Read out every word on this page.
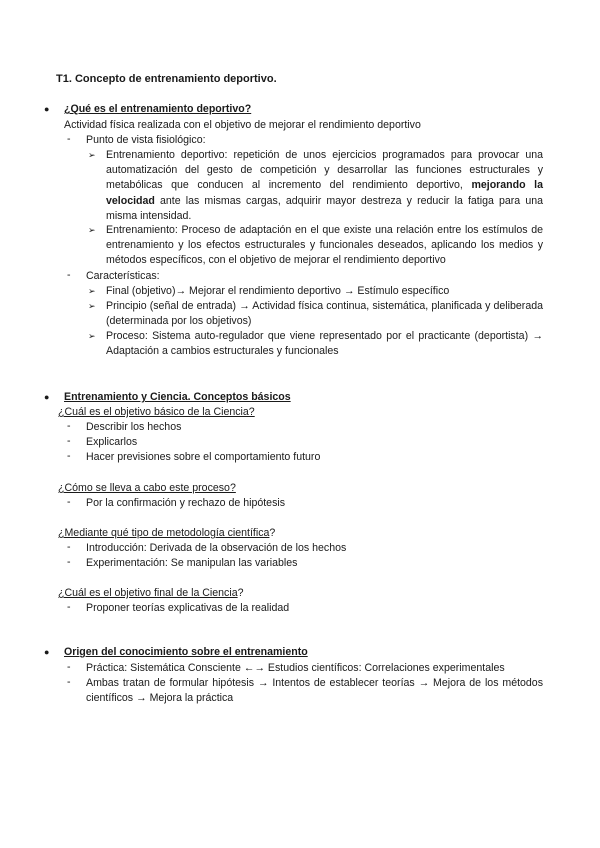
T1. Concepto de entrenamiento deportivo.
● ¿Qué es el entrenamiento deportivo?
Actividad física realizada con el objetivo de mejorar el rendimiento deportivo
- Punto de vista fisiológico:
➢ Entrenamiento deportivo: repetición de unos ejercicios programados para provocar una automatización del gesto de competición y desarrollar las funciones estructurales y metabólicas que conducen al incremento del rendimiento deportivo, mejorando la velocidad ante las mismas cargas, adquirir mayor destreza y reducir la fatiga para una misma intensidad.
➢ Entrenamiento: Proceso de adaptación en el que existe una relación entre los estímulos de entrenamiento y los efectos estructurales y funcionales deseados, aplicando los medios y métodos específicos, con el objetivo de mejorar el rendimiento deportivo
- Características:
➢ Final (objetivo)→ Mejorar el rendimiento deportivo → Estímulo específico
➢ Principio (señal de entrada) → Actividad física continua, sistemática, planificada y deliberada (determinada por los objetivos)
➢ Proceso: Sistema auto-regulador que viene representado por el practicante (deportista) → Adaptación a cambios estructurales y funcionales
● Entrenamiento y Ciencia. Conceptos básicos
¿Cuál es el objetivo básico de la Ciencia?
- Describir los hechos
- Explicarlos
- Hacer previsiones sobre el comportamiento futuro
¿Cómo se lleva a cabo este proceso?
- Por la confirmación y rechazo de hipótesis
¿Mediante qué tipo de metodología científica?
- Introducción: Derivada de la observación de los hechos
- Experimentación: Se manipulan las variables
¿Cuál es el objetivo final de la Ciencia?
- Proponer teorías explicativas de la realidad
● Origen del conocimiento sobre el entrenamiento
- Práctica: Sistemática Consciente ←→ Estudios científicos: Correlaciones experimentales
- Ambas tratan de formular hipótesis → Intentos de establecer teorías → Mejora de los métodos científicos → Mejora la práctica
